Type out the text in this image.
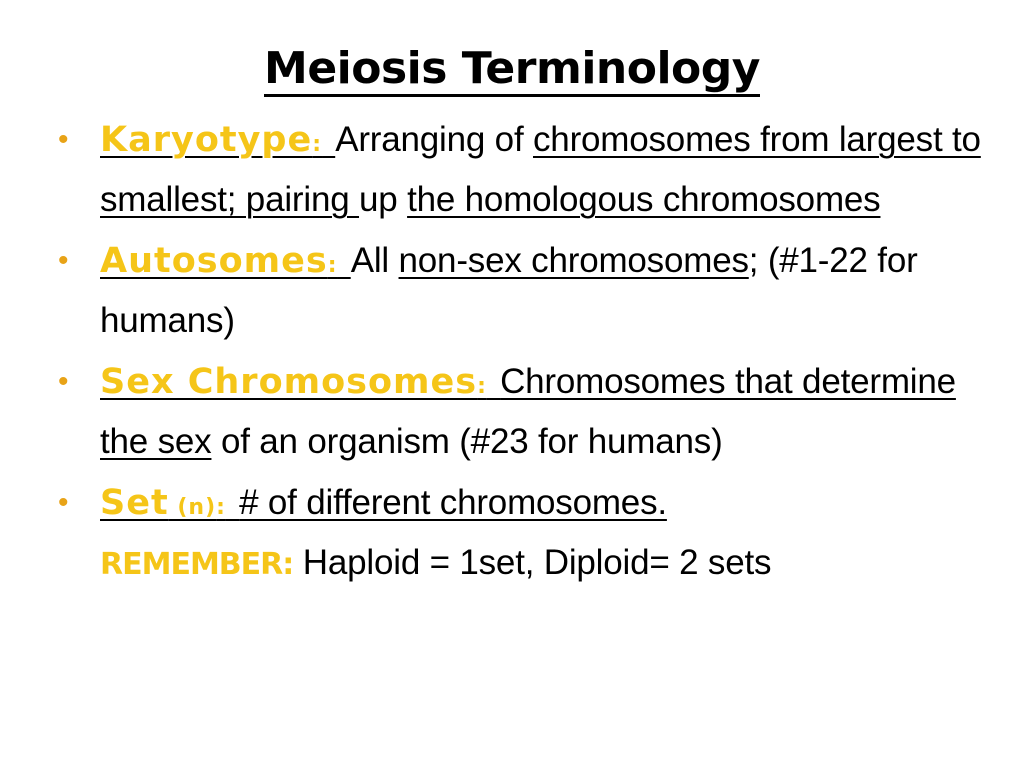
Meiosis Terminology
• Karyotype: Arranging of chromosomes from largest to smallest; pairing up the homologous chromosomes
• Autosomes: All non-sex chromosomes; (#1-22 for humans)
• Sex Chromosomes: Chromosomes that determine the sex of an organism (#23 for humans)
• Set (n): # of different chromosomes.
REMEMBER: Haploid = 1set, Diploid= 2 sets
